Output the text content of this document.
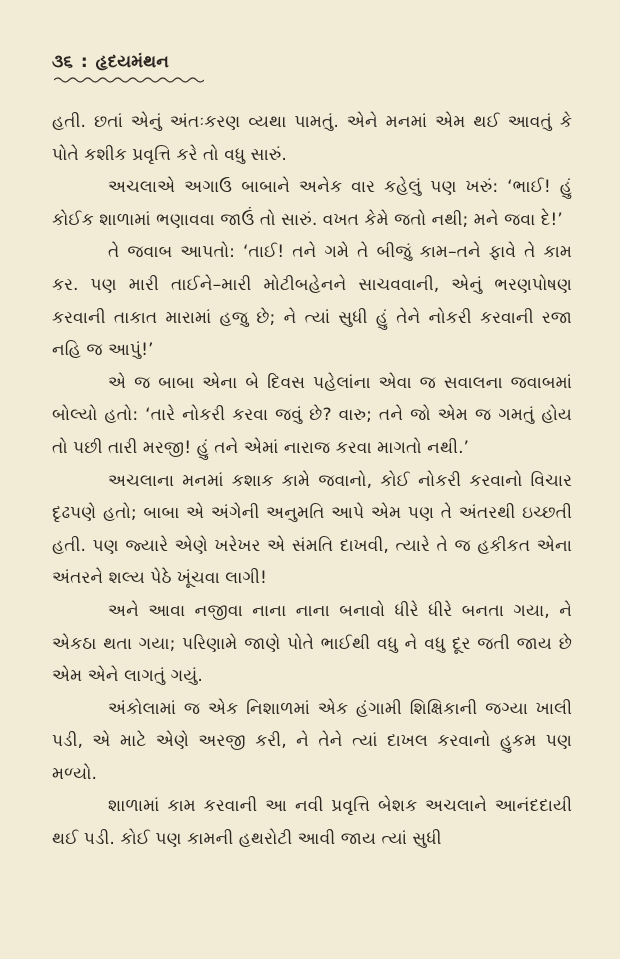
૩૬ : હૃદયમંથન

હતી. છતાં એનું અંતઃકરણ વ્યથા પામતું. એને મનમાં એમ થઈ આવતું કે પોતે કશીક પ્રવૃત્તિ કરે તો વધુ સારું.

અચલાએ અગાઉ બાબાને અનેક વાર કહેલું પણ ખરું: ‘ભાઈ! હું કોઈક શાળામાં ભણાવવા જાઉં તો સારું. વખત કેમે જતો નથી; મને જવા દે!’

તે જવાબ આપતો: ‘તાઈ! તને ગમે તે બીજું કામ–તને ફાવે તે કામ કર. પણ મારી તાઈને–મારી મોટીબહેનને સાચવવાની, એનું ભરણપોષણ કરવાની તાકાત મારામાં હજુ છે; ને ત્યાં સુધી હું તેને નોકરી કરવાની રજા નહિ જ આપું!’

એ જ બાબા એના બે દિવસ પહેલાંના એવા જ સવાલના જવાબમાં બોલ્યો હતો: ‘તારે નોકરી કરવા જવું છે? વારુ; તને જો એમ જ ગમતું હોય તો પછી તારી મરજી! હું તને એમાં નારાજ કરવા માગતો નથી.’

અચલાના મનમાં કશાક કામે જવાનો, કોઈ નોકરી કરવાનો વિચાર દૃઢપણે હતો; બાબા એ અંગેની અનુમતિ આપે એમ પણ તે અંતરથી ઇચ્છતી હતી. પણ જ્યારે એણે ખરેખર એ સંમતિ દાખવી, ત્યારે તે જ હકીકત એના અંતરને શલ્ય પેઠે ખૂંચવા લાગી!

અને આવા નજીવા નાના નાના બનાવો ધીરે ધીરે બનતા ગયા, ને એકઠા થતા ગયા; પરિણામે જાણે પોતે ભાઈથી વધુ ને વધુ દૂર જતી જાય છે એમ એને લાગતું ગયું.

અંકોલામાં જ એક નિશાળમાં એક હંગામી શિક્ષિકાની જગ્યા ખાલી પડી, એ માટે એણે અરજી કરી, ને તેને ત્યાં દાખલ કરવાનો હુકમ પણ મળ્યો.

શાળામાં કામ કરવાની આ નવી પ્રવૃત્તિ બેશક અચલાને આનંદદાયી થઈ પડી. કોઈ પણ કામની હથરોટી આવી જાય ત્યાં સુધી
